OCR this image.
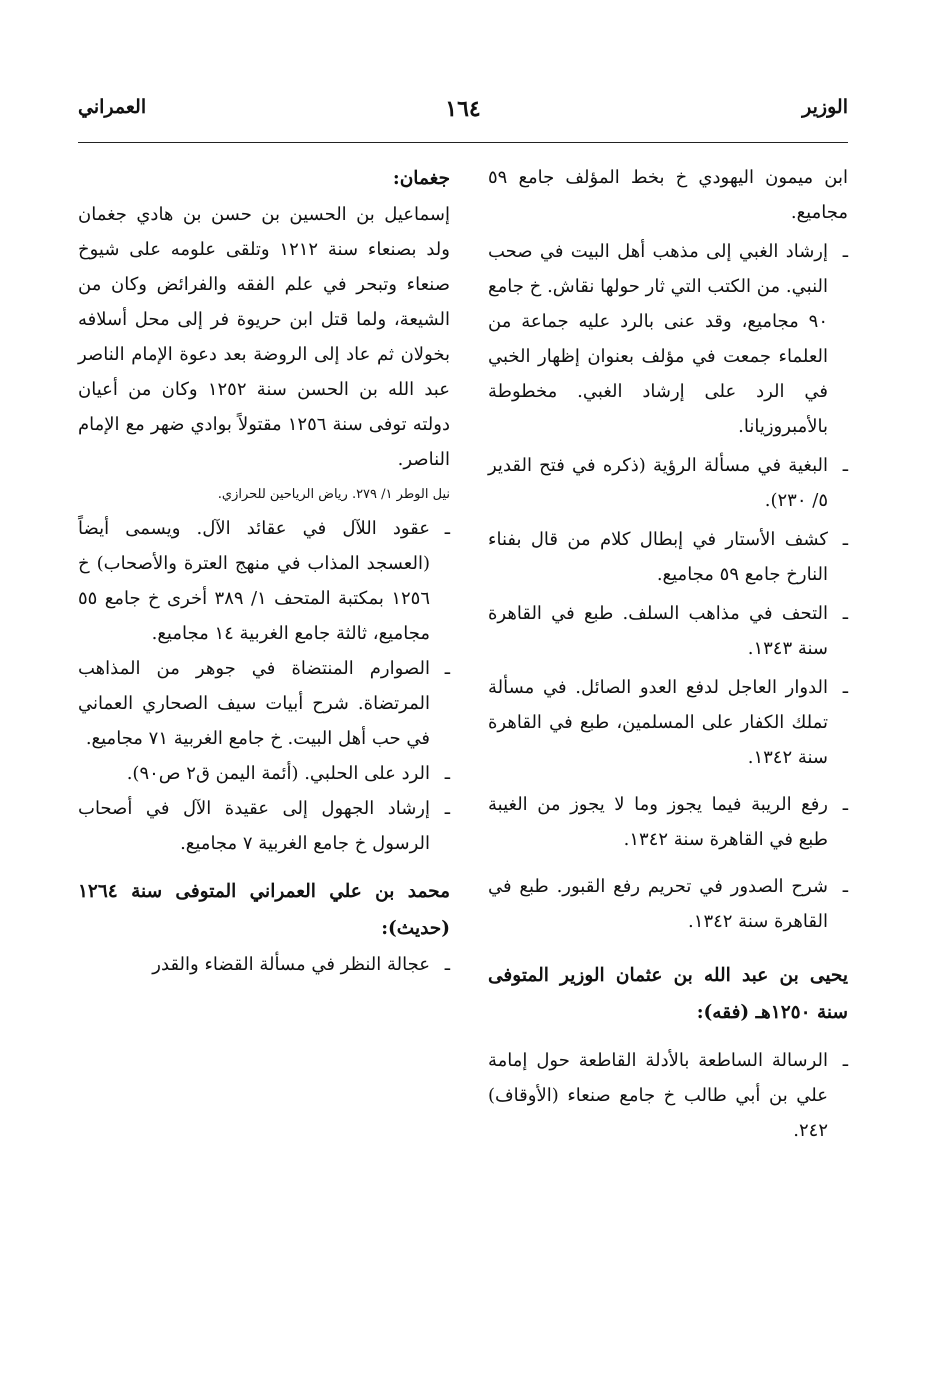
الوزير
١٦٤
العمراني

ابن ميمون اليهودي خ بخط المؤلف جامع ٥٩ مجاميع.

ـ إرشاد الغبي إلى مذهب أهل البيت في صحب النبي. من الكتب التي ثار حولها نقاش. خ جامع ٩٠ مجاميع، وقد عنى بالرد عليه جماعة من العلماء جمعت في مؤلف بعنوان إظهار الخبي في الرد على إرشاد الغبي. مخطوطة بالأمبروزيانا.

ـ البغية في مسألة الرؤية (ذكره في فتح القدير ٥/ ٢٣٠).

ـ كشف الأستار في إبطال كلام من قال بفناء النارخ جامع ٥٩ مجاميع.

ـ التحف في مذاهب السلف. طبع في القاهرة سنة ١٣٤٣.

ـ الدوار العاجل لدفع العدو الصائل. في مسألة تملك الكفار على المسلمين، طبع في القاهرة سنة ١٣٤٢.

ـ رفع الريبة فيما يجوز وما لا يجوز من الغيبة طبع في القاهرة سنة ١٣٤٢.

ـ شرح الصدور في تحريم رفع القبور. طبع في القاهرة سنة ١٣٤٢.

يحيى بن عبد الله بن عثمان الوزير المتوفى سنة ١٢٥٠هـ (فقه):

ـ الرسالة الساطعة بالأدلة القاطعة حول إمامة علي بن أبي طالب خ جامع صنعاء (الأوقاف) ٢٤٢.

جغمان:

إسماعيل بن الحسين بن حسن بن هادي جغمان ولد بصنعاء سنة ١٢١٢ وتلقى علومه على شيوخ صنعاء وتبحر في علم الفقه والفرائض وكان من الشيعة، ولما قتل ابن حريوة فر إلى محل أسلافه بخولان ثم عاد إلى الروضة بعد دعوة الإمام الناصر عبد الله بن الحسن سنة ١٢٥٢ وكان من أعيان دولته توفى سنة ١٢٥٦ مقتولاً بوادي ضهر مع الإمام الناصر.

نيل الوطر ١/ ٢٧٩. رياض الرياحين للحرازي.

ـ عقود اللآل في عقائد الآل. ويسمى أيضاً (العسجد المذاب في منهج العترة والأصحاب) خ ١٢٥٦ بمكتبة المتحف ١/ ٣٨٩ أخرى خ جامع ٥٥ مجاميع، ثالثة جامع الغربية ١٤ مجاميع.

ـ الصوارم المنتضاة في جوهر من المذاهب المرتضاة. شرح أبيات سيف الصحاري العماني في حب أهل البيت. خ جامع الغربية ٧١ مجاميع.

ـ الرد على الحلبي. (أئمة اليمن ق٢ ص٩٠).

ـ إرشاد الجهول إلى عقيدة الآل في أصحاب الرسول خ جامع الغربية ٧ مجاميع.

محمد بن علي العمراني المتوفى سنة ١٢٦٤ (حديث):

ـ عجالة النظر في مسألة القضاء والقدر
